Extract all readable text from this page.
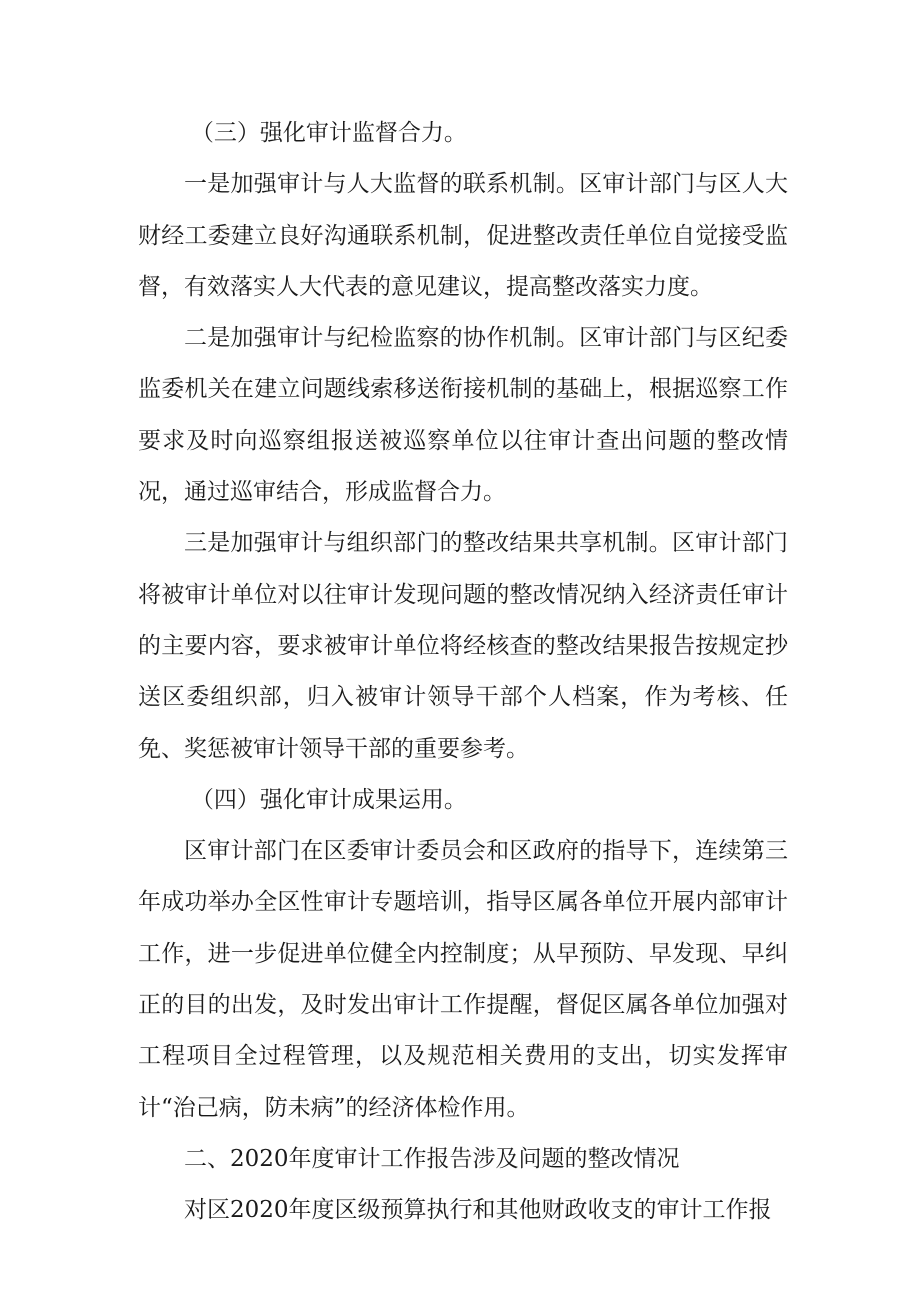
（三）强化审计监督合力。

一是加强审计与人大监督的联系机制。区审计部门与区人大财经工委建立良好沟通联系机制，促进整改责任单位自觉接受监督，有效落实人大代表的意见建议，提高整改落实力度。

二是加强审计与纪检监察的协作机制。区审计部门与区纪委监委机关在建立问题线索移送衔接机制的基础上，根据巡察工作要求及时向巡察组报送被巡察单位以往审计查出问题的整改情况，通过巡审结合，形成监督合力。

三是加强审计与组织部门的整改结果共享机制。区审计部门将被审计单位对以往审计发现问题的整改情况纳入经济责任审计的主要内容，要求被审计单位将经核查的整改结果报告按规定抄送区委组织部，归入被审计领导干部个人档案，作为考核、任免、奖惩被审计领导干部的重要参考。

（四）强化审计成果运用。

区审计部门在区委审计委员会和区政府的指导下，连续第三年成功举办全区性审计专题培训，指导区属各单位开展内部审计工作，进一步促进单位健全内控制度；从早预防、早发现、早纠正的目的出发，及时发出审计工作提醒，督促区属各单位加强对工程项目全过程管理，以及规范相关费用的支出，切实发挥审计“治己病，防未病”的经济体检作用。

二、2020年度审计工作报告涉及问题的整改情况

对区2020年度区级预算执行和其他财政收支的审计工作报
